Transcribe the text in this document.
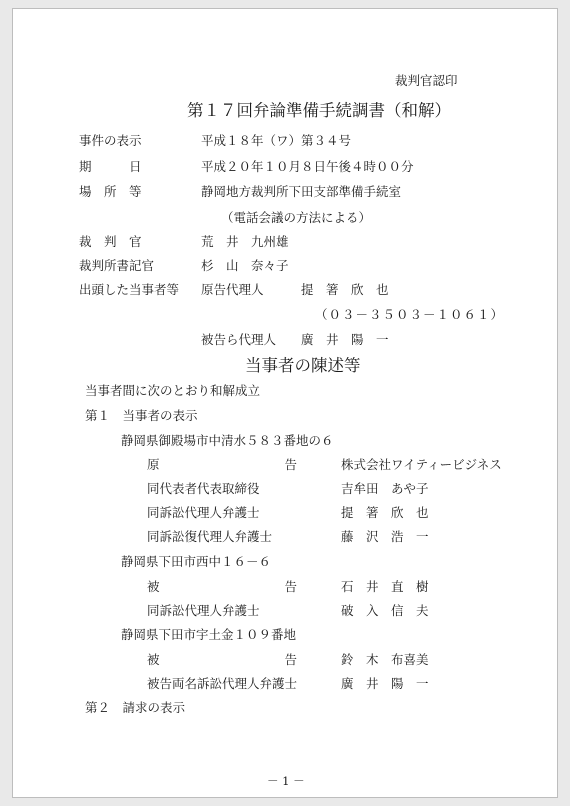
裁判官認印
第１７回弁論準備手続調書（和解）
事件の表示	平成１８年（ワ）第３４号
期　　　日	平成２０年１０月８日午後４時００分
場　所　等	静岡地方裁判所下田支部準備手続室
（電話会議の方法による）
裁　判　官	荒　井　九州雄
裁判所書記官	杉　山　奈々子
出頭した当事者等 原告代理人	提　箸　欣　也
（０３－３５０３－１０６１）
被告ら代理人 廣　井　陽　一
当事者の陳述等
当事者間に次のとおり和解成立
第１　当事者の表示
静岡県御殿場市中清水５８３番地の６
原　　　　　　　　　　告	株式会社ワイティービジネス
同代表者代表取締役	吉牟田　あや子
同訴訟代理人弁護士	提　箸　欣　也
同訴訟復代理人弁護士	藤　沢　浩　一
静岡県下田市西中１６－６
被　　　　　　　　　　告	石　井　直　樹
同訴訟代理人弁護士	破　入　信　夫
静岡県下田市宇土金１０９番地
被　　　　　　　　　　告	鈴　木　布喜美
被告両名訴訟代理人弁護士	廣　井　陽　一
第２　請求の表示
－ 1 －
